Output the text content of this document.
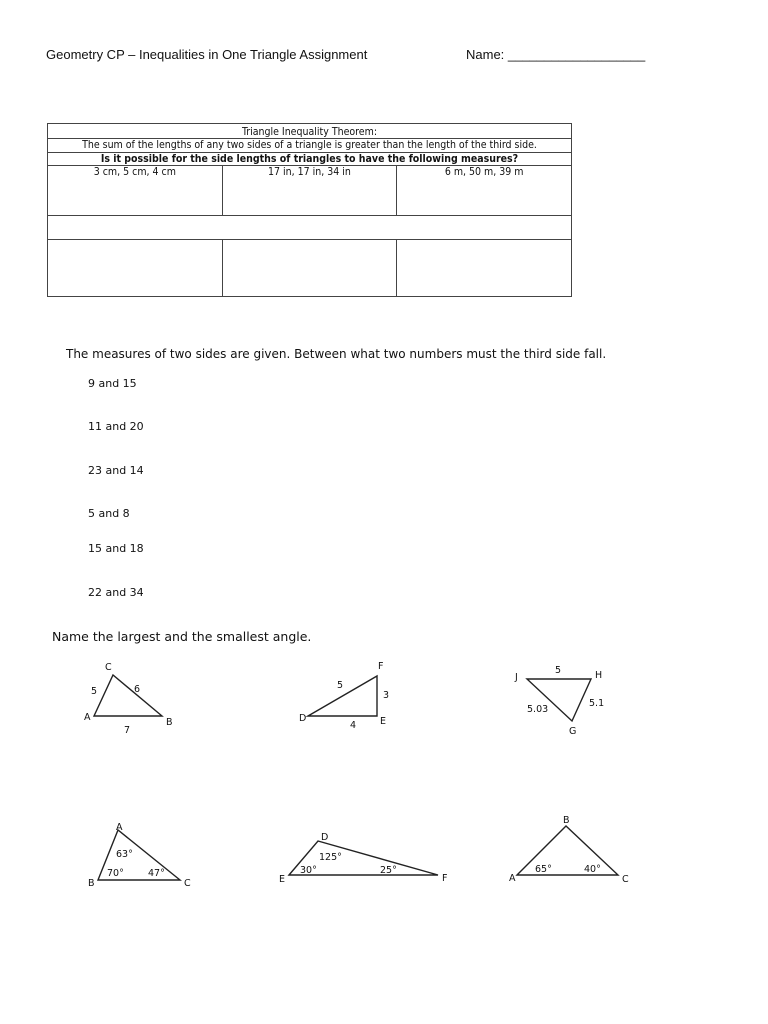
Geometry CP – Inequalities in One Triangle Assignment	Name: ___________________
Triangle Inequality Theorem:		
The sum of the lengths of any two sides of a triangle is greater than the length of the third side.		
Is it possible for the side lengths of triangles to have the following measures?		
3 cm, 5 cm, 4 cm	17 in, 17 in, 34 in	6 m, 50 m, 39 m

The measures of two sides are given. Between what two numbers must the third side fall.
9 and 15
11 and 20
23 and 14
5 and 8
15 and 18
22 and 34
Name the largest and the smallest angle.
C
A	B
5	6
7
F
D	E
5
3
4
J	H
G
5
5.03
5.1
A
B	C
63°
70°	47°
D
E	F
125°
30°	25°
B
A	C
65°	40°
